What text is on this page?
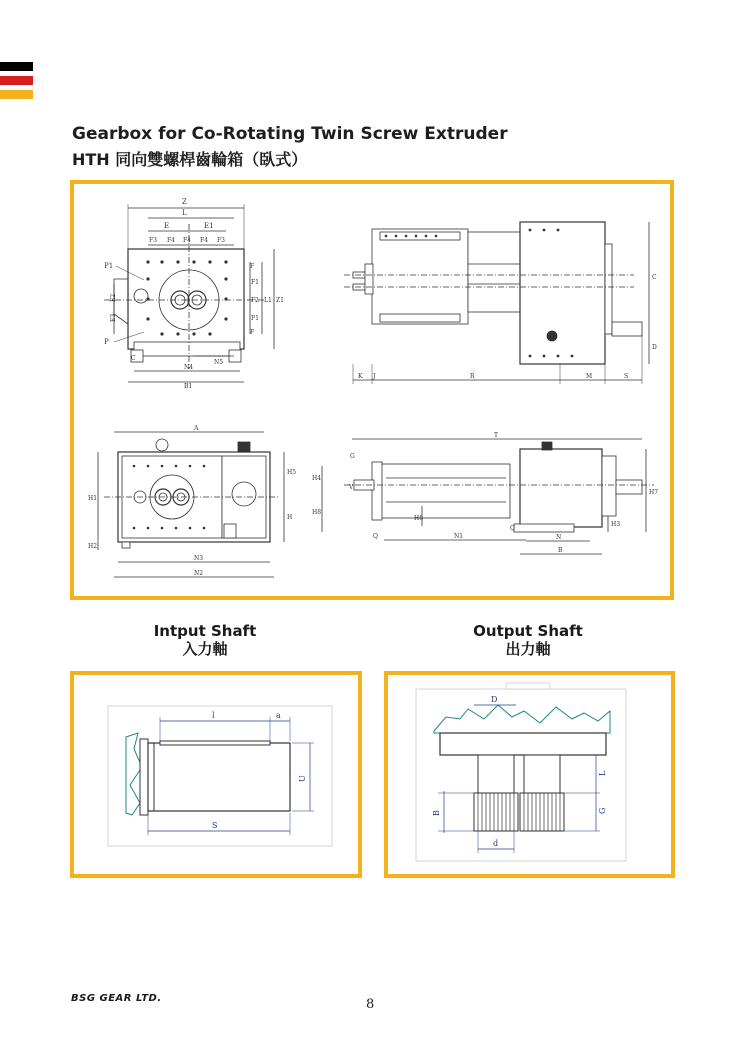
Gearbox for Co-Rotating Twin Screw Extruder
HTH 同向雙螺桿齒輪箱（臥式）
Z
L
E	E1
F3 F4 F4 F4 F3
P1
E2
E3
P
F
F1
F2
F1
F
L1 Z1
C
N5
N4
B1
C
D
K J	R	M	S
A
H5
H
H1
H2
N3
N2
T
G
H4
H8
V
H6
Q
Q
N1	N
B
H3
H7
Intput Shaft
入力軸
Output Shaft
出力軸
l	a
U
S
D
L
G
B
d
BSG GEAR LTD.	8
